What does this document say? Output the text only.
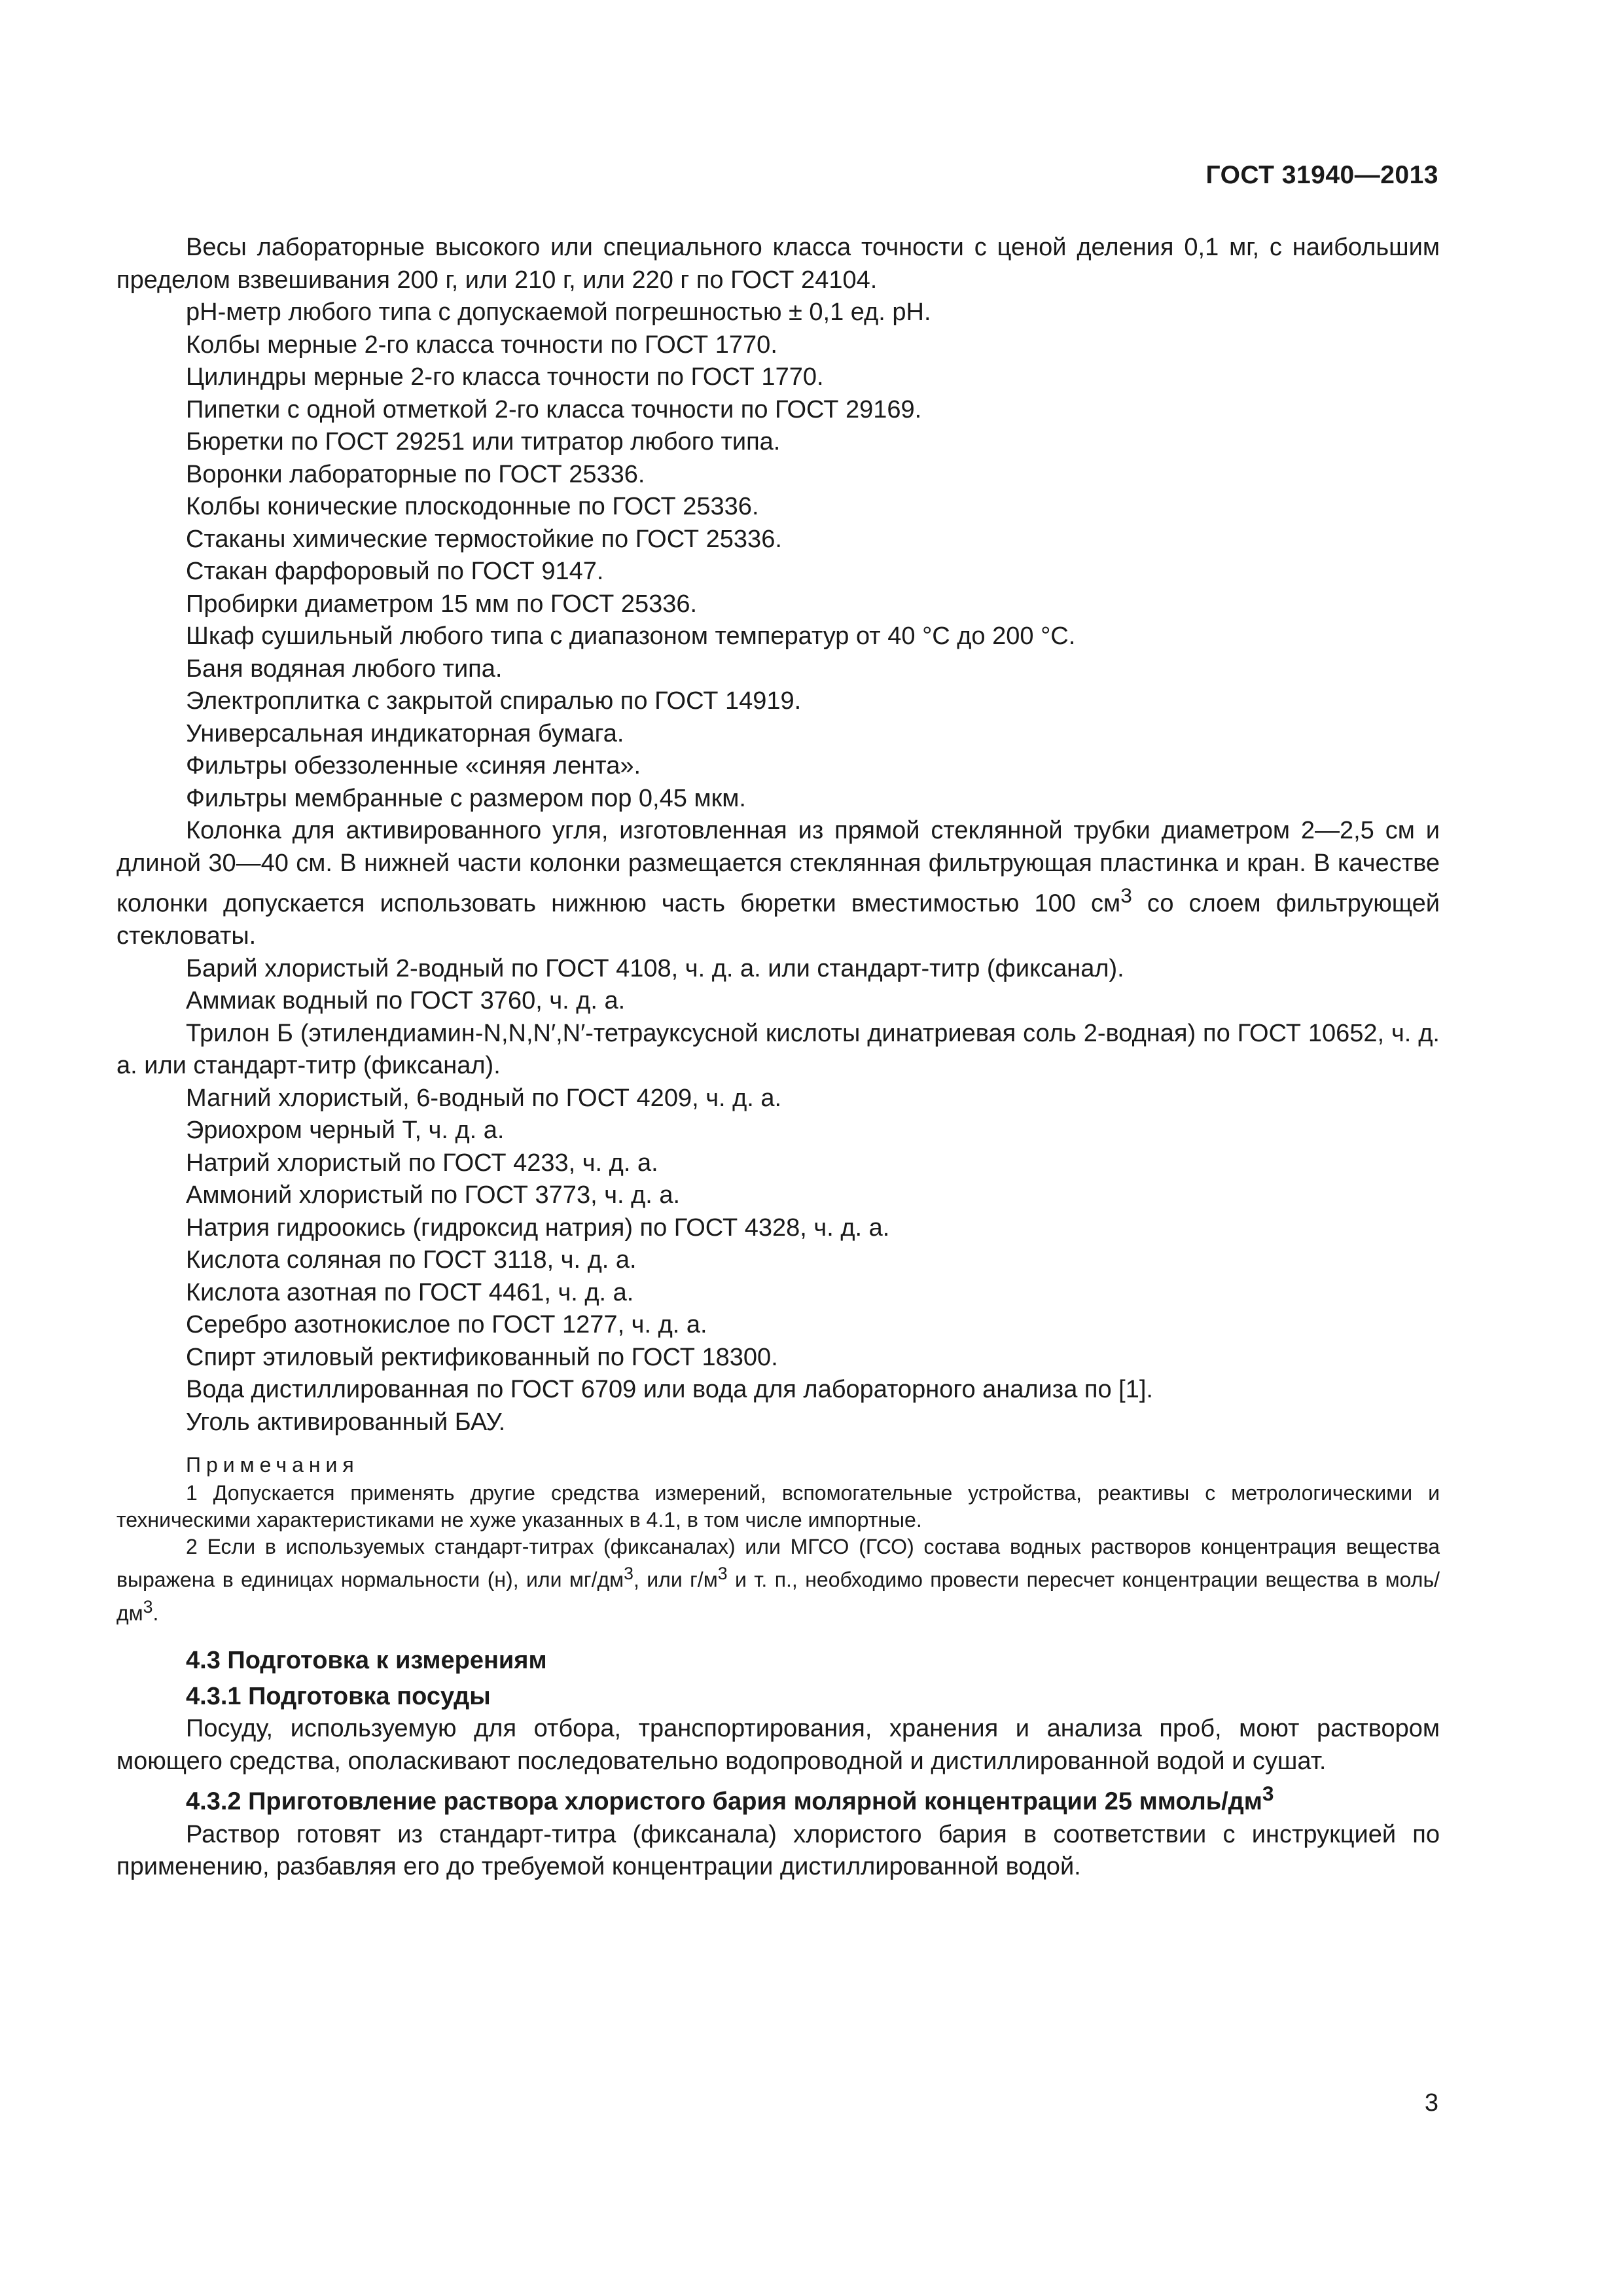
ГОСТ 31940—2013

Весы лабораторные высокого или специального класса точности с ценой деления 0,1 мг, с наибольшим пределом взвешивания 200 г, или 210 г, или 220 г по ГОСТ 24104.

рН-метр любого типа с допускаемой погрешностью ± 0,1 ед. рН.

Колбы мерные 2-го класса точности по ГОСТ 1770.

Цилиндры мерные 2-го класса точности по ГОСТ 1770.

Пипетки с одной отметкой 2-го класса точности по ГОСТ 29169.

Бюретки по ГОСТ 29251 или титратор любого типа.

Воронки лабораторные по ГОСТ 25336.

Колбы конические плоскодонные по ГОСТ 25336.

Стаканы химические термостойкие по ГОСТ 25336.

Стакан фарфоровый по ГОСТ 9147.

Пробирки диаметром 15 мм по ГОСТ 25336.

Шкаф сушильный любого типа с диапазоном температур от 40 °С до 200 °С.

Баня водяная любого типа.

Электроплитка с закрытой спиралью по ГОСТ 14919.

Универсальная индикаторная бумага.

Фильтры обеззоленные «синяя лента».

Фильтры мембранные с размером пор 0,45 мкм.

Колонка для активированного угля, изготовленная из прямой стеклянной трубки диаметром 2—2,5 см и длиной 30—40 см. В нижней части колонки размещается стеклянная фильтрующая пластинка и кран. В качестве колонки допускается использовать нижнюю часть бюретки вместимостью 100 $см^3$ со слоем фильтрующей стекловаты.

Барий хлористый 2-водный по ГОСТ 4108, ч. д. а. или стандарт-титр (фиксанал).

Аммиак водный по ГОСТ 3760, ч. д. а.

Трилон Б (этилендиамин-N,N,N′,N′-тетрауксусной кислоты динатриевая соль 2-водная) по ГОСТ 10652, ч. д. а. или стандарт-титр (фиксанал).

Магний хлористый, 6-водный по ГОСТ 4209, ч. д. а.

Эриохром черный Т, ч. д. а.

Натрий хлористый по ГОСТ 4233, ч. д. а.

Аммоний хлористый по ГОСТ 3773, ч. д. а.

Натрия гидроокись (гидроксид натрия) по ГОСТ 4328, ч. д. а.

Кислота соляная по ГОСТ 3118, ч. д. а.

Кислота азотная по ГОСТ 4461, ч. д. а.

Серебро азотнокислое по ГОСТ 1277, ч. д. а.

Спирт этиловый ректификованный по ГОСТ 18300.

Вода дистиллированная по ГОСТ 6709 или вода для лабораторного анализа по [1].

Уголь активированный БАУ.

Примечания

1 Допускается применять другие средства измерений, вспомогательные устройства, реактивы с метрологическими и техническими характеристиками не хуже указанных в 4.1, в том числе импортные.

2 Если в используемых стандарт-титрах (фиксаналах) или МГСО (ГСО) состава водных растворов концентрация вещества выражена в единицах нормальности (н), или $мг/дм^3$, или $г/м^3$ и т. п., необходимо провести пересчет концентрации вещества в моль/$дм^3$.

4.3 Подготовка к измерениям

4.3.1 Подготовка посуды

Посуду, используемую для отбора, транспортирования, хранения и анализа проб, моют раствором моющего средства, ополаскивают последовательно водопроводной и дистиллированной водой и сушат.

4.3.2 Приготовление раствора хлористого бария молярной концентрации 25 ммоль/$дм^3$

Раствор готовят из стандарт-титра (фиксанала) хлористого бария в соответствии с инструкцией по применению, разбавляя его до требуемой концентрации дистиллированной водой.

3
